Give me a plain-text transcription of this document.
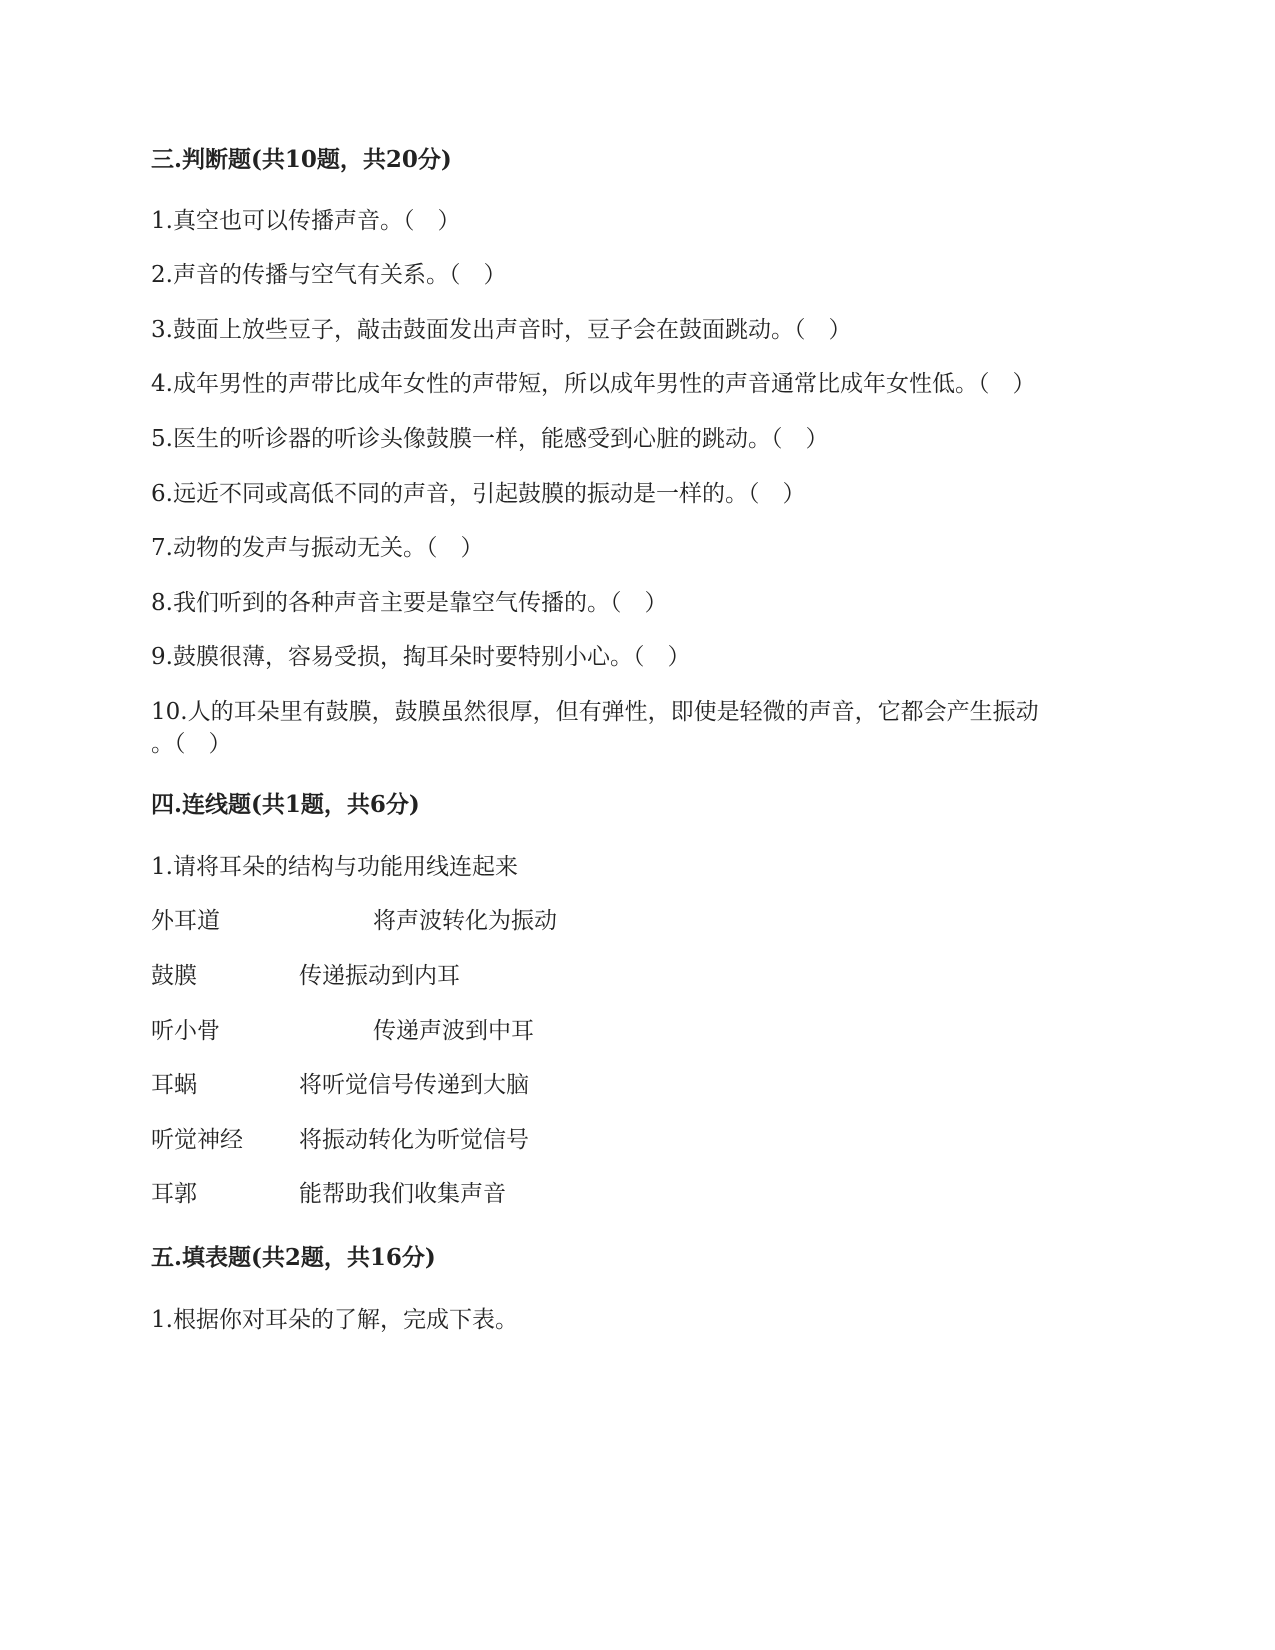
三.判断题(共10题，共20分)
1.真空也可以传播声音。（　）
2.声音的传播与空气有关系。（　）
3.鼓面上放些豆子，敲击鼓面发出声音时，豆子会在鼓面跳动。（　）
4.成年男性的声带比成年女性的声带短，所以成年男性的声音通常比成年女性低。（　）
5.医生的听诊器的听诊头像鼓膜一样，能感受到心脏的跳动。（　）
6.远近不同或高低不同的声音，引起鼓膜的振动是一样的。（　）
7.动物的发声与振动无关。（　）
8.我们听到的各种声音主要是靠空气传播的。（　）
9.鼓膜很薄，容易受损，掏耳朵时要特别小心。（　）
10.人的耳朵里有鼓膜，鼓膜虽然很厚，但有弹性，即使是轻微的声音，它都会产生振动
。（　）
四.连线题(共1题，共6分)
1.请将耳朵的结构与功能用线连起来
外耳道	将声波转化为振动
鼓膜	传递振动到内耳
听小骨	传递声波到中耳
耳蜗	将听觉信号传递到大脑
听觉神经 将振动转化为听觉信号
耳郭	能帮助我们收集声音
五.填表题(共2题，共16分)
1.根据你对耳朵的了解，完成下表。
